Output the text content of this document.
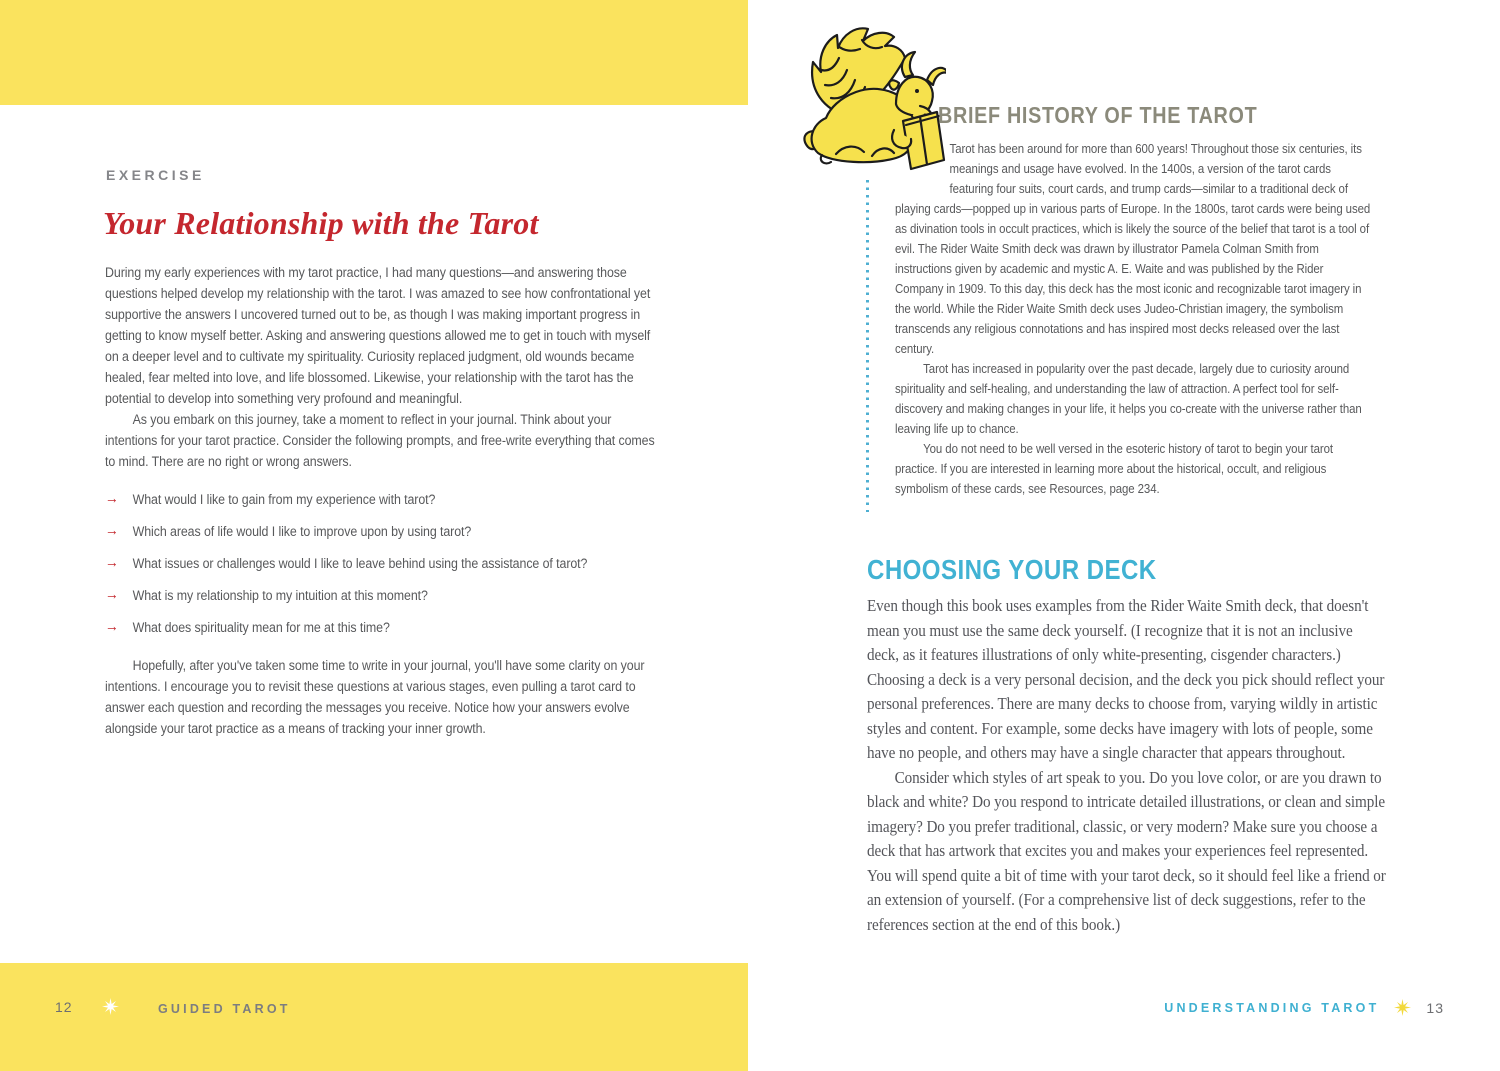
EXERCISE
Your Relationship with the Tarot

During my early experiences with my tarot practice, I had many questions—and answering those questions helped develop my relationship with the tarot. I was amazed to see how confrontational yet supportive the answers I uncovered turned out to be, as though I was making important progress in getting to know myself better. Asking and answering questions allowed me to get in touch with myself on a deeper level and to cultivate my spirituality. Curiosity replaced judgment, old wounds became healed, fear melted into love, and life blossomed. Likewise, your relationship with the tarot has the potential to develop into something very profound and meaningful.

As you embark on this journey, take a moment to reflect in your journal. Think about your intentions for your tarot practice. Consider the following prompts, and free-write everything that comes to mind. There are no right or wrong answers.

→ What would I like to gain from my experience with tarot?
→ Which areas of life would I like to improve upon by using tarot?
→ What issues or challenges would I like to leave behind using the assistance of tarot?
→ What is my relationship to my intuition at this moment?
→ What does spirituality mean for me at this time?

Hopefully, after you've taken some time to write in your journal, you'll have some clarity on your intentions. I encourage you to revisit these questions at various stages, even pulling a tarot card to answer each question and recording the messages you receive. Notice how your answers evolve alongside your tarot practice as a means of tracking your inner growth.

12	GUIDED TAROT
BRIEF HISTORY OF THE TAROT

Tarot has been around for more than 600 years! Throughout those six centuries, its meanings and usage have evolved. In the 1400s, a version of the tarot cards featuring four suits, court cards, and trump cards—similar to a traditional deck of playing cards—popped up in various parts of Europe. In the 1800s, tarot cards were being used as divination tools in occult practices, which is likely the source of the belief that tarot is a tool of evil. The Rider Waite Smith deck was drawn by illustrator Pamela Colman Smith from instructions given by academic and mystic A. E. Waite and was published by the Rider Company in 1909. To this day, this deck has the most iconic and recognizable tarot imagery in the world. While the Rider Waite Smith deck uses Judeo-Christian imagery, the symbolism transcends any religious connotations and has inspired most decks released over the last century.

Tarot has increased in popularity over the past decade, largely due to curiosity around spirituality and self-healing, and understanding the law of attraction. A perfect tool for self-discovery and making changes in your life, it helps you co-create with the universe rather than leaving life up to chance.

You do not need to be well versed in the esoteric history of tarot to begin your tarot practice. If you are interested in learning more about the historical, occult, and religious symbolism of these cards, see Resources, page 234.

CHOOSING YOUR DECK

Even though this book uses examples from the Rider Waite Smith deck, that doesn't mean you must use the same deck yourself. (I recognize that it is not an inclusive deck, as it features illustrations of only white-presenting, cisgender characters.) Choosing a deck is a very personal decision, and the deck you pick should reflect your personal preferences. There are many decks to choose from, varying wildly in artistic styles and content. For example, some decks have imagery with lots of people, some have no people, and others may have a single character that appears throughout.

Consider which styles of art speak to you. Do you love color, or are you drawn to black and white? Do you respond to intricate detailed illustrations, or clean and simple imagery? Do you prefer traditional, classic, or very modern? Make sure you choose a deck that has artwork that excites you and makes your experiences feel represented. You will spend quite a bit of time with your tarot deck, so it should feel like a friend or an extension of yourself. (For a comprehensive list of deck suggestions, refer to the references section at the end of this book.)

UNDERSTANDING TAROT	13
